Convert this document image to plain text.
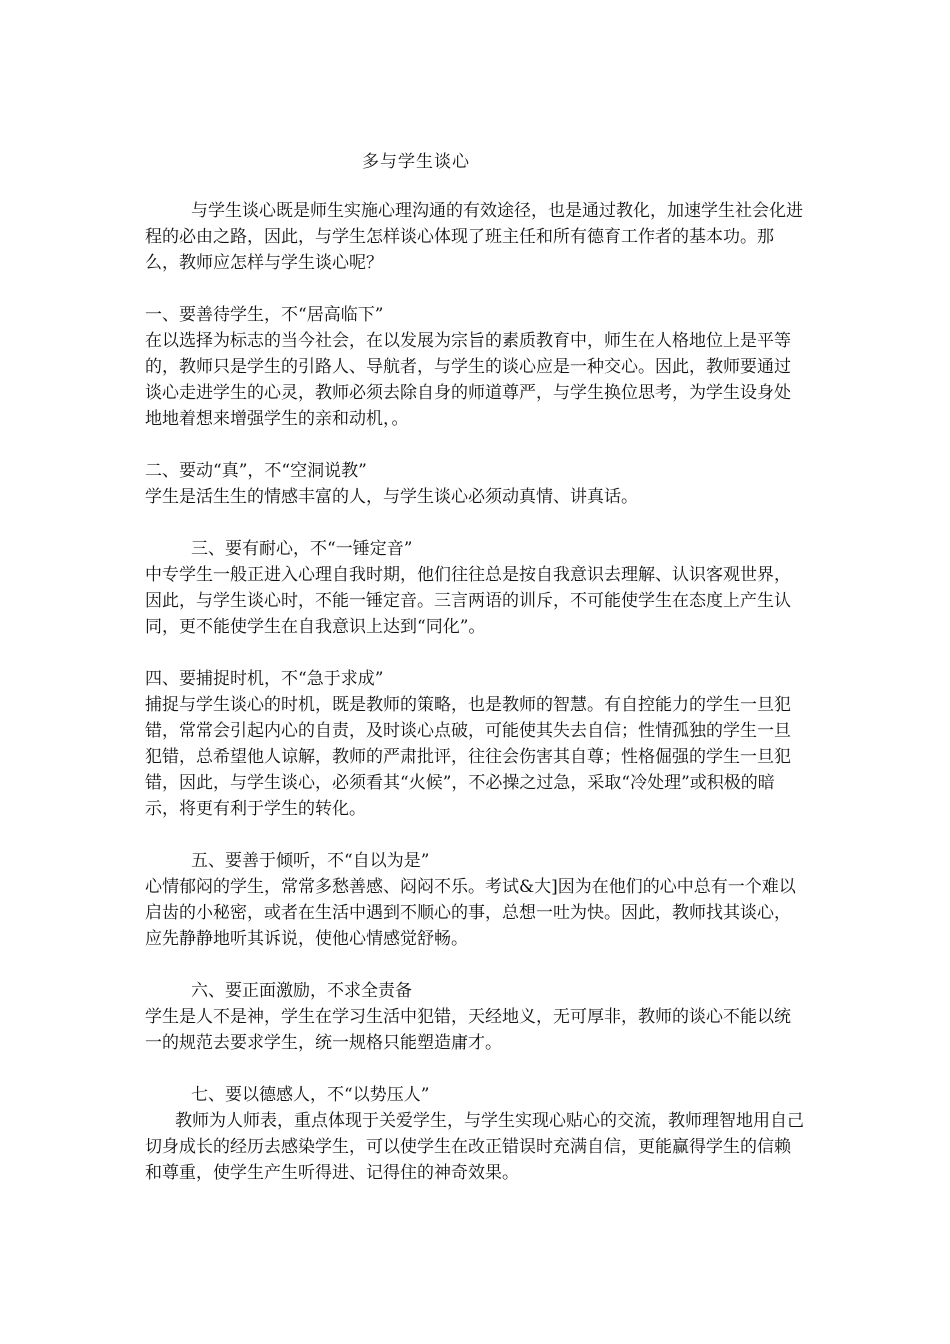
多与学生谈心

与学生谈心既是师生实施心理沟通的有效途径，也是通过教化，加速学生社会化进程的必由之路，因此，与学生怎样谈心体现了班主任和所有德育工作者的基本功。那么，教师应怎样与学生谈心呢？

一、要善待学生，不“居高临下”

在以选择为标志的当今社会，在以发展为宗旨的素质教育中，师生在人格地位上是平等的，教师只是学生的引路人、导航者，与学生的谈心应是一种交心。因此，教师要通过谈心走进学生的心灵，教师必须去除自身的师道尊严，与学生换位思考，为学生设身处地地着想来增强学生的亲和动机，。

二、要动“真”，不“空洞说教”

学生是活生生的情感丰富的人，与学生谈心必须动真情、讲真话。

三、要有耐心，不“一锤定音”

中专学生一般正进入心理自我时期，他们往往总是按自我意识去理解、认识客观世界，因此，与学生谈心时，不能一锤定音。三言两语的训斥，不可能使学生在态度上产生认同，更不能使学生在自我意识上达到“同化”。

四、要捕捉时机，不“急于求成”

捕捉与学生谈心的时机，既是教师的策略，也是教师的智慧。有自控能力的学生一旦犯错，常常会引起内心的自责，及时谈心点破，可能使其失去自信；性情孤独的学生一旦犯错，总希望他人谅解，教师的严肃批评，往往会伤害其自尊；性格倔强的学生一旦犯错，因此，与学生谈心，必须看其“火候”，不必操之过急，采取“冷处理”或积极的暗示，将更有利于学生的转化。

五、要善于倾听，不“自以为是”

心情郁闷的学生，常常多愁善感、闷闷不乐。考试&大]因为在他们的心中总有一个难以启齿的小秘密，或者在生活中遇到不顺心的事，总想一吐为快。因此，教师找其谈心，应先静静地听其诉说，使他心情感觉舒畅。

六、要正面激励，不求全责备

学生是人不是神，学生在学习生活中犯错，天经地义，无可厚非，教师的谈心不能以统一的规范去要求学生，统一规格只能塑造庸才。

七、要以德感人，不“以势压人”

教师为人师表，重点体现于关爱学生，与学生实现心贴心的交流，教师理智地用自己切身成长的经历去感染学生，可以使学生在改正错误时充满自信，更能赢得学生的信赖和尊重，使学生产生听得进、记得住的神奇效果。
